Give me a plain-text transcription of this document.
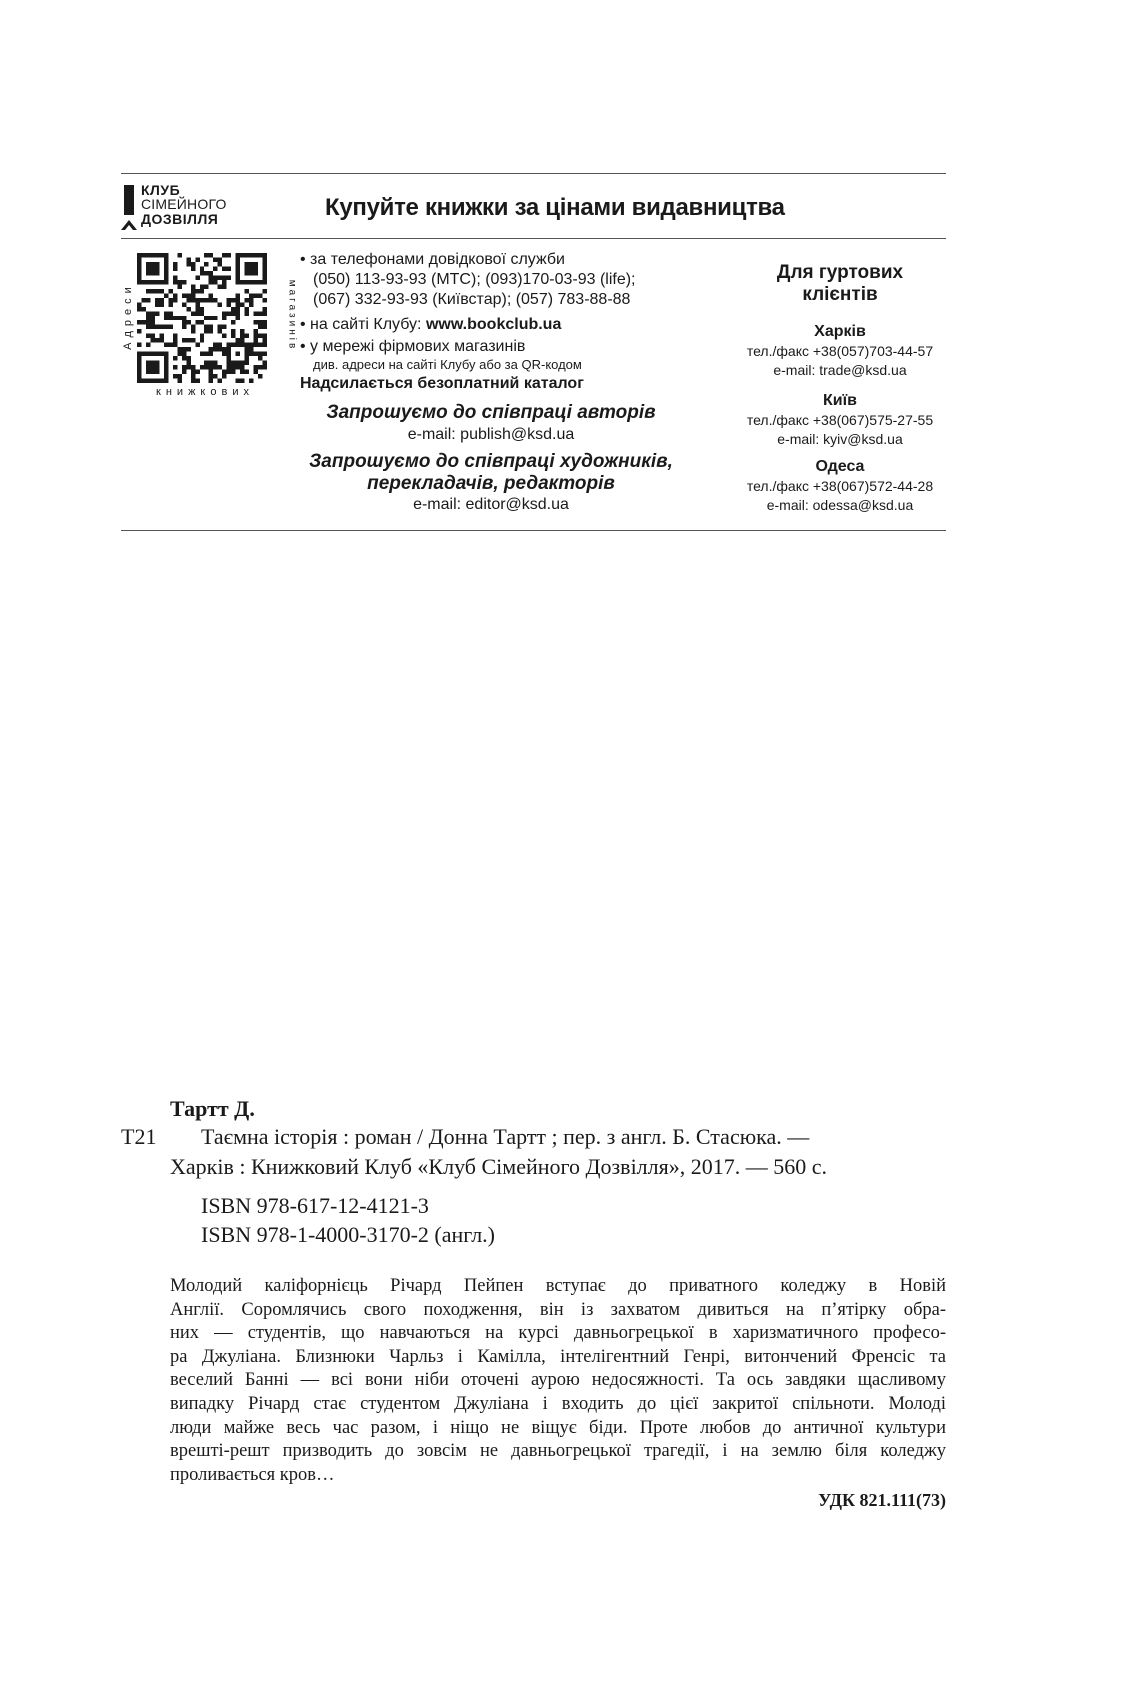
КЛУБ
СІМЕЙНОГО
ДОЗВІЛЛЯ	Купуйте книжки за цінами видавництва
Адреси	магазинів
книжкових
• за телефонами довідкової служби
(050) 113-93-93 (МТС); (093)170-03-93 (life);
(067) 332-93-93 (Київстар); (057) 783-88-88
• на сайті Клубу: www.bookclub.ua
• у мережі фірмових магазинів
див. адреси на сайті Клубу або за QR-кодом
Надсилається безоплатний каталог
Запрошуємо до співпраці авторів
e-mail: publish@ksd.ua
Запрошуємо до співпраці художників,
перекладачів, редакторів
e-mail: editor@ksd.ua
Для гуртових
клієнтів
Харків
тел./факс +38(057)703-44-57
e-mail: trade@ksd.ua
Київ
тел./факс +38(067)575-27-55
e-mail: kyiv@ksd.ua
Одеса
тел./факс +38(067)572-44-28
e-mail: odessa@ksd.ua
Тартт Д.
Т21 Таємна історія : роман / Донна Тартт ; пер. з англ. Б. Стасюка. —
Харків : Книжковий Клуб «Клуб Сімейного Дозвілля», 2017. — 560 с.
ISBN 978-617-12-4121-3
ISBN 978-1-4000-3170-2 (англ.)
Молодий каліфорнієць Річард Пейпен вступає до приватного коледжу в Новій
Англії. Соромлячись свого походження, він із захватом дивиться на п’ятірку обра-
них — студентів, що навчаються на курсі давньогрецької в харизматичного професо-
ра Джуліана. Близнюки Чарльз і Камілла, інтелігентний Генрі, витончений Френсіс та
веселий Банні — всі вони ніби оточені аурою недосяжності. Та ось завдяки щасливому
випадку Річард стає студентом Джуліана і входить до цієї закритої спільноти. Молоді
люди майже весь час разом, і ніщо не віщує біди. Проте любов до античної культури
врешті-решт призводить до зовсім не давньогрецької трагедії, і на землю біля коледжу
проливається кров…
УДК 821.111(73)
